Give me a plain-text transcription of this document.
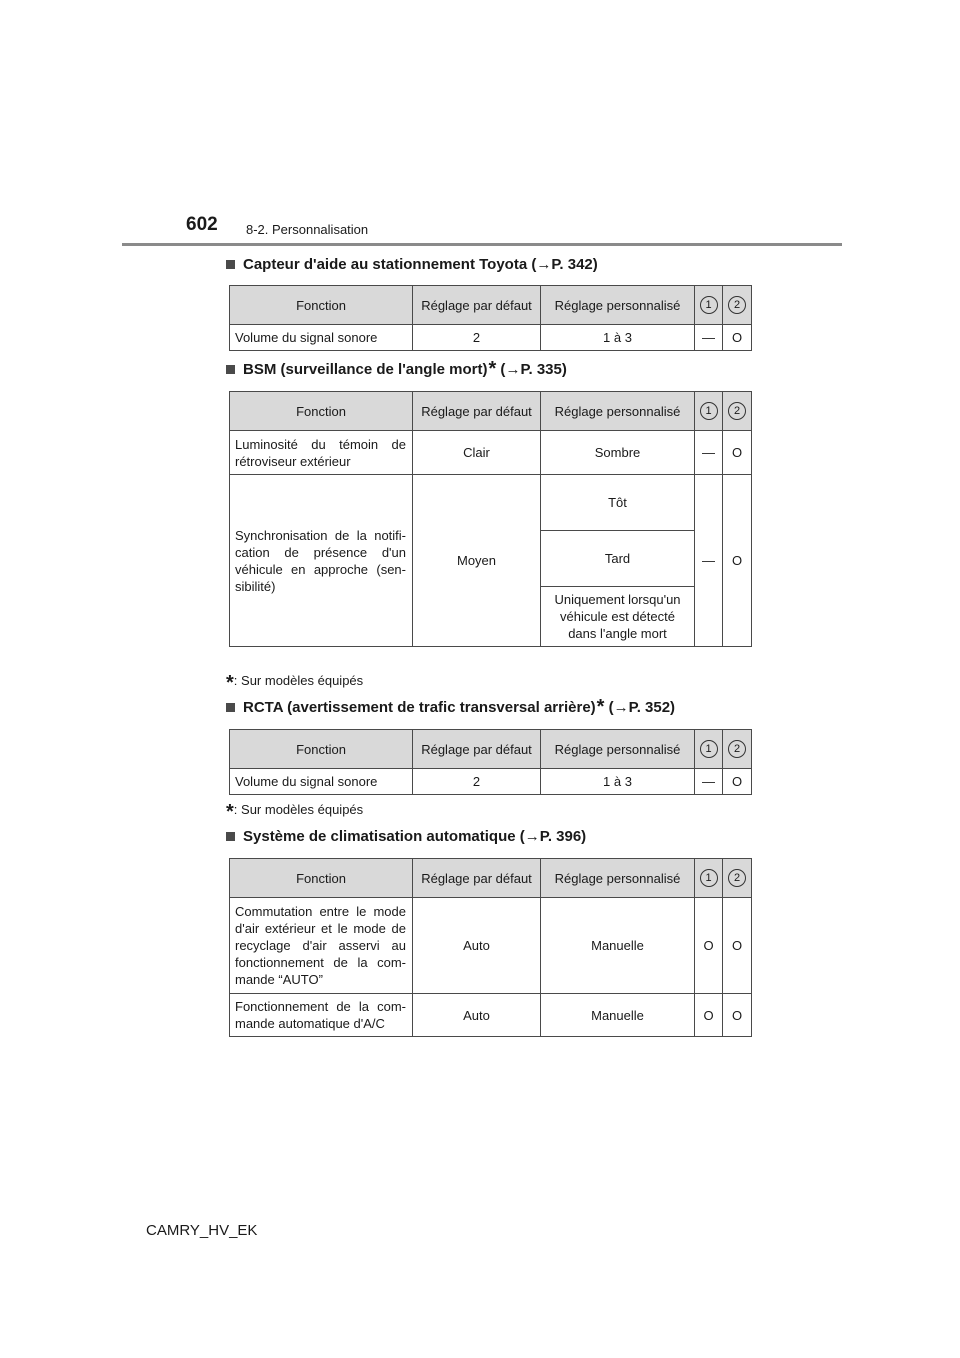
602 8-2. Personnalisation
Capteur d'aide au stationnement Toyota ( → P. 342)
Fonction	Réglage par défaut	Réglage personnalisé	1	2
Volume du signal sonore	2	1 à 3	—	O
BSM (surveillance de l'angle mort)* ( → P. 335)
Fonction	Réglage par défaut	Réglage personnalisé	1	2
Luminosité du témoin de rétroviseur extérieur	Clair	Sombre	—	O
Synchronisation de la notifi-cation de présence d'un véhicule en approche (sen-sibilité)	Moyen	Tôt	—	O
		Tard		
		Uniquement lorsqu'un véhicule est détecté dans l'angle mort		
*: Sur modèles équipés
RCTA (avertissement de trafic transversal arrière)* ( → P. 352)
Fonction	Réglage par défaut	Réglage personnalisé	1	2
Volume du signal sonore	2	1 à 3	—	O
*: Sur modèles équipés
Système de climatisation automatique ( → P. 396)
Fonction	Réglage par défaut	Réglage personnalisé	1	2
Commutation entre le mode d'air extérieur et le mode de recyclage d'air asservi au fonctionnement de la com-mande “AUTO”	Auto	Manuelle	O	O
Fonctionnement de la com-mande automatique d'A/C	Auto	Manuelle	O	O
CAMRY_HV_EK
